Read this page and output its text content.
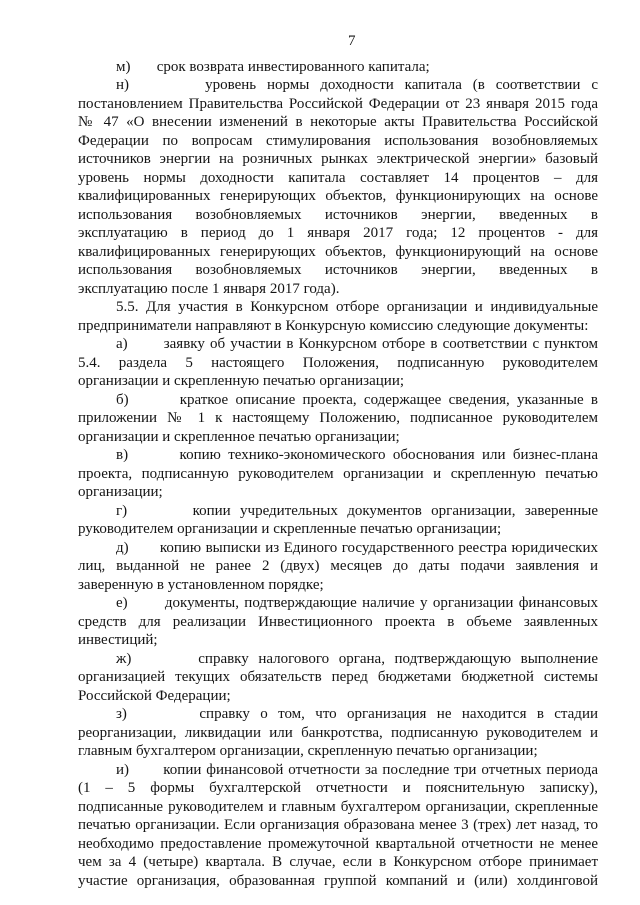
7
м)       срок возврата инвестированного капитала;
н)       уровень нормы доходности капитала (в соответствии с
постановлением Правительства Российской Федерации от 23 января 2015 года
№ 47 «О внесении изменений в некоторые акты Правительства Российской
Федерации по вопросам стимулирования использования возобновляемых
источников энергии на розничных рынках электрической энергии» базовый
уровень нормы доходности капитала составляет 14 процентов – для
квалифицированных генерирующих объектов, функционирующих на основе
использования возобновляемых источников энергии, введенных в
эксплуатацию в период до 1 января 2017 года; 12 процентов - для
квалифицированных генерирующих объектов, функционирующий на основе
использования возобновляемых источников энергии, введенных в
эксплуатацию после 1 января 2017 года).
5.5. Для участия в Конкурсном отборе организации и индивидуальные
предприниматели направляют в Конкурсную комиссию следующие документы:
а)       заявку об участии в Конкурсном отборе в соответствии с пунктом
5.4. раздела 5 настоящего Положения, подписанную руководителем
организации и скрепленную печатью организации;
б)       краткое описание проекта, содержащее сведения, указанные в
приложении № 1 к настоящему Положению, подписанное руководителем
организации и скрепленное печатью организации;
в)       копию технико-экономического обоснования или бизнес-плана
проекта, подписанную руководителем организации и скрепленную печатью
организации;
г)       копии учредительных документов организации, заверенные
руководителем организации и скрепленные печатью организации;
д)       копию выписки из Единого государственного реестра юридических
лиц, выданной не ранее 2 (двух) месяцев до даты подачи заявления и
заверенную в установленном порядке;
е)       документы, подтверждающие наличие у организации финансовых
средств для реализации Инвестиционного проекта в объеме заявленных
инвестиций;
ж)       справку налогового органа, подтверждающую выполнение
организацией текущих обязательств перед бюджетами бюджетной системы
Российской Федерации;
з)       справку о том, что организация не находится в стадии
реорганизации, ликвидации или банкротства, подписанную руководителем и
главным бухгалтером организации, скрепленную печатью организации;
и)       копии финансовой отчетности за последние три отчетных периода
(1 – 5 формы бухгалтерской отчетности и пояснительную записку),
подписанные руководителем и главным бухгалтером организации, скрепленные
печатью организации. Если организация образована менее 3 (трех) лет назад, то
необходимо предоставление промежуточной квартальной отчетности не менее
чем за 4 (четыре) квартала. В случае, если в Конкурсном отборе принимает
участие организация, образованная группой компаний и (или) холдинговой
